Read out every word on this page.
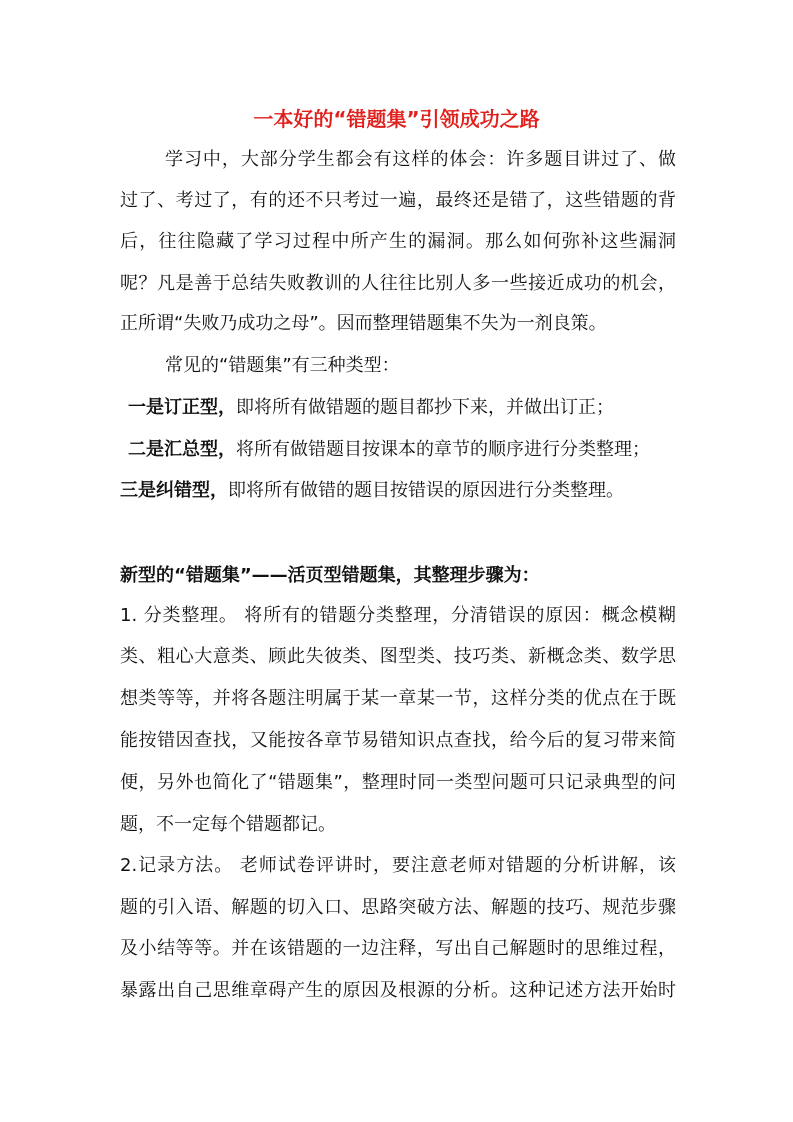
一本好的“错题集”引领成功之路
学习中，大部分学生都会有这样的体会：许多题目讲过了、做
过了、考过了，有的还不只考过一遍，最终还是错了，这些错题的背
后，往往隐藏了学习过程中所产生的漏洞。那么如何弥补这些漏洞
呢？凡是善于总结失败教训的人往往比别人多一些接近成功的机会，
正所谓“失败乃成功之母”。因而整理错题集不失为一剂良策。
常见的“错题集”有三种类型：
一是订正型，即将所有做错题的题目都抄下来，并做出订正；
二是汇总型，将所有做错题目按课本的章节的顺序进行分类整理；
三是纠错型，即将所有做错的题目按错误的原因进行分类整理。
新型的“错题集”——活页型错题集，其整理步骤为：
1. 分类整理。 将所有的错题分类整理，分清错误的原因：概念模糊
类、粗心大意类、顾此失彼类、图型类、技巧类、新概念类、数学思
想类等等，并将各题注明属于某一章某一节，这样分类的优点在于既
能按错因查找，又能按各章节易错知识点查找，给今后的复习带来简
便，另外也简化了“错题集”，整理时同一类型问题可只记录典型的问
题，不一定每个错题都记。
2.记录方法。 老师试卷评讲时，要注意老师对错题的分析讲解，该
题的引入语、解题的切入口、思路突破方法、解题的技巧、规范步骤
及小结等等。并在该错题的一边注释，写出自己解题时的思维过程，
暴露出自己思维章碍产生的原因及根源的分析。这种记述方法开始时
